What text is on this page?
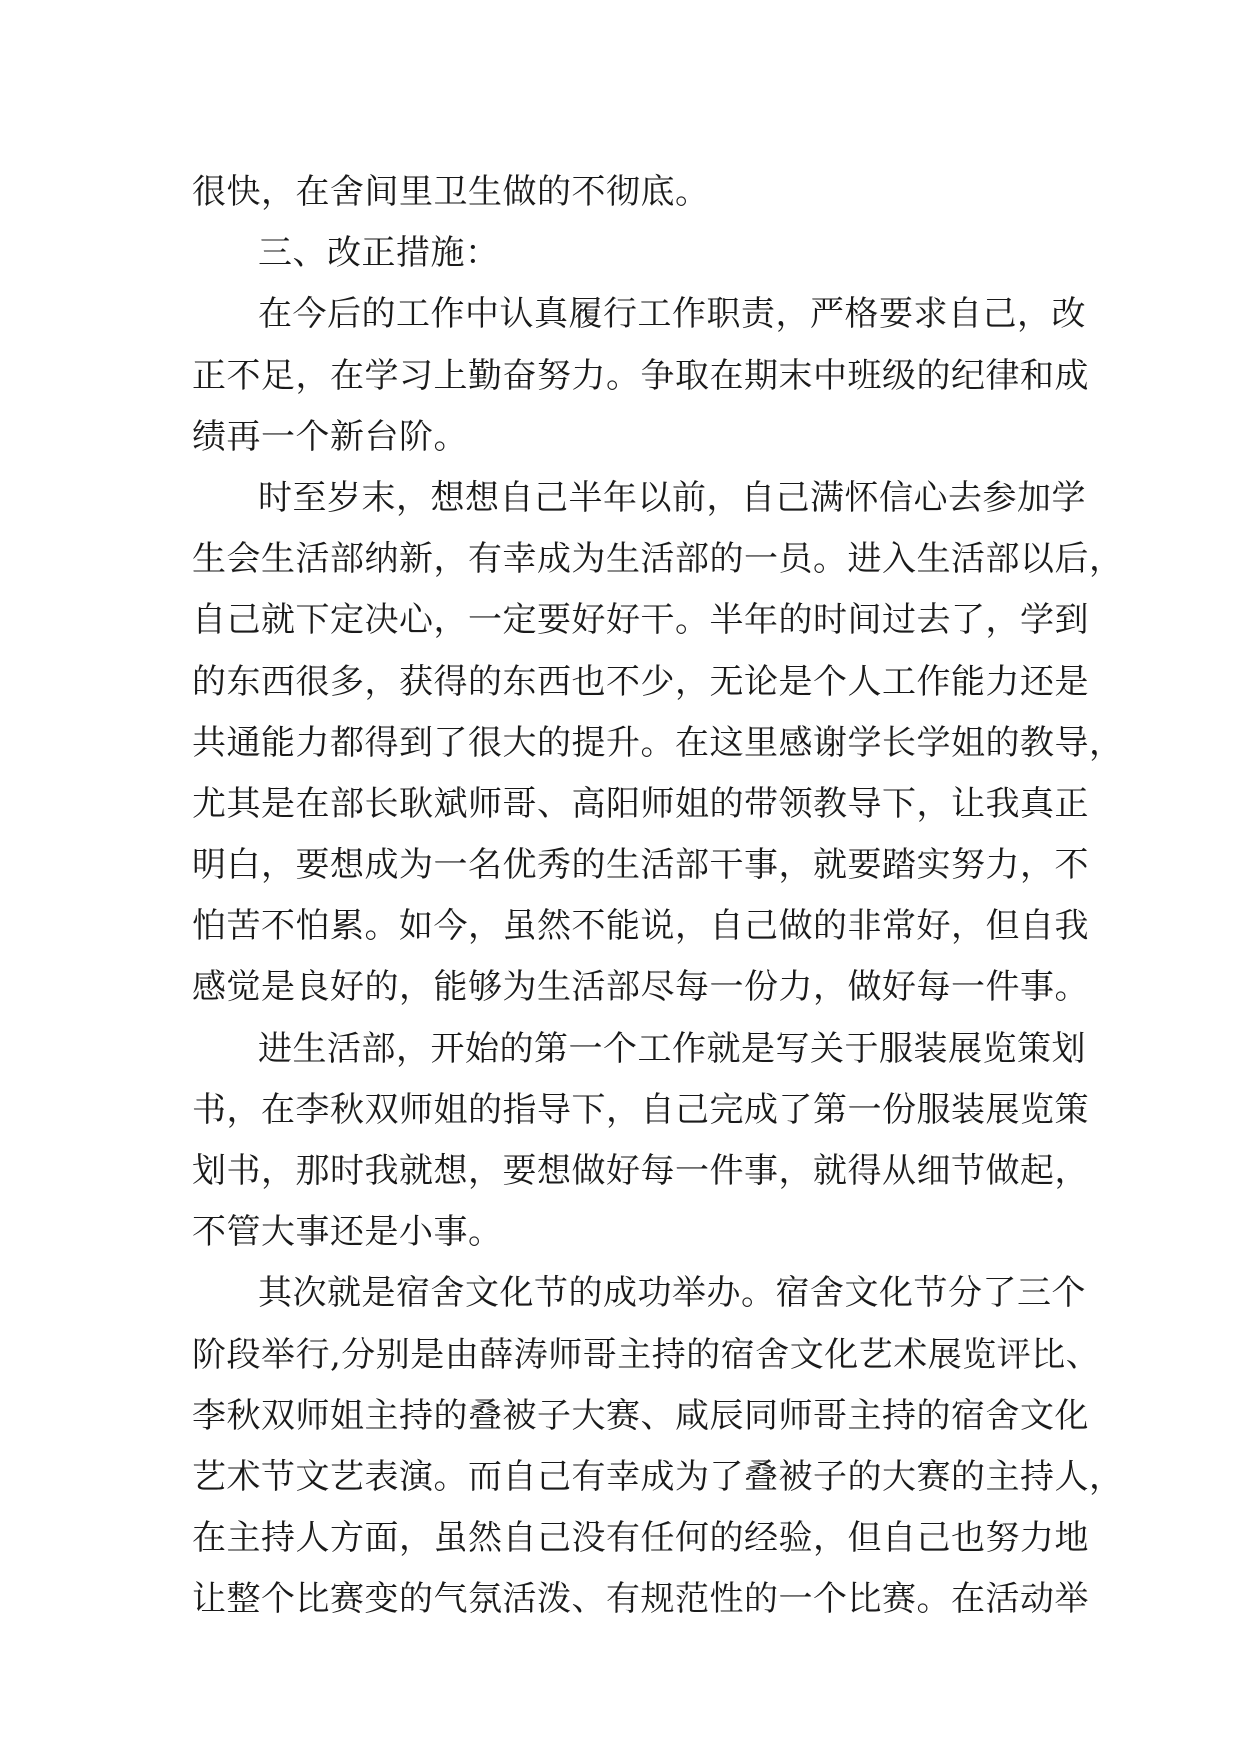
很快，在舍间里卫生做的不彻底。
三、改正措施：
在今后的工作中认真履行工作职责，严格要求自己，改
正不足，在学习上勤奋努力。争取在期末中班级的纪律和成
绩再一个新台阶。
时至岁末，想想自己半年以前，自己满怀信心去参加学
生会生活部纳新，有幸成为生活部的一员。进入生活部以后，
自己就下定决心，一定要好好干。半年的时间过去了，学到
的东西很多，获得的东西也不少，无论是个人工作能力还是
共通能力都得到了很大的提升。在这里感谢学长学姐的教导，
尤其是在部长耿斌师哥、高阳师姐的带领教导下，让我真正
明白，要想成为一名优秀的生活部干事，就要踏实努力，不
怕苦不怕累。如今，虽然不能说，自己做的非常好，但自我
感觉是良好的，能够为生活部尽每一份力，做好每一件事。
进生活部，开始的第一个工作就是写关于服装展览策划
书，在李秋双师姐的指导下，自己完成了第一份服装展览策
划书，那时我就想，要想做好每一件事，就得从细节做起，
不管大事还是小事。
其次就是宿舍文化节的成功举办。宿舍文化节分了三个
阶段举行,分别是由薛涛师哥主持的宿舍文化艺术展览评比、
李秋双师姐主持的叠被子大赛、咸辰同师哥主持的宿舍文化
艺术节文艺表演。而自己有幸成为了叠被子的大赛的主持人，
在主持人方面，虽然自己没有任何的经验，但自己也努力地
让整个比赛变的气氛活泼、有规范性的一个比赛。在活动举
